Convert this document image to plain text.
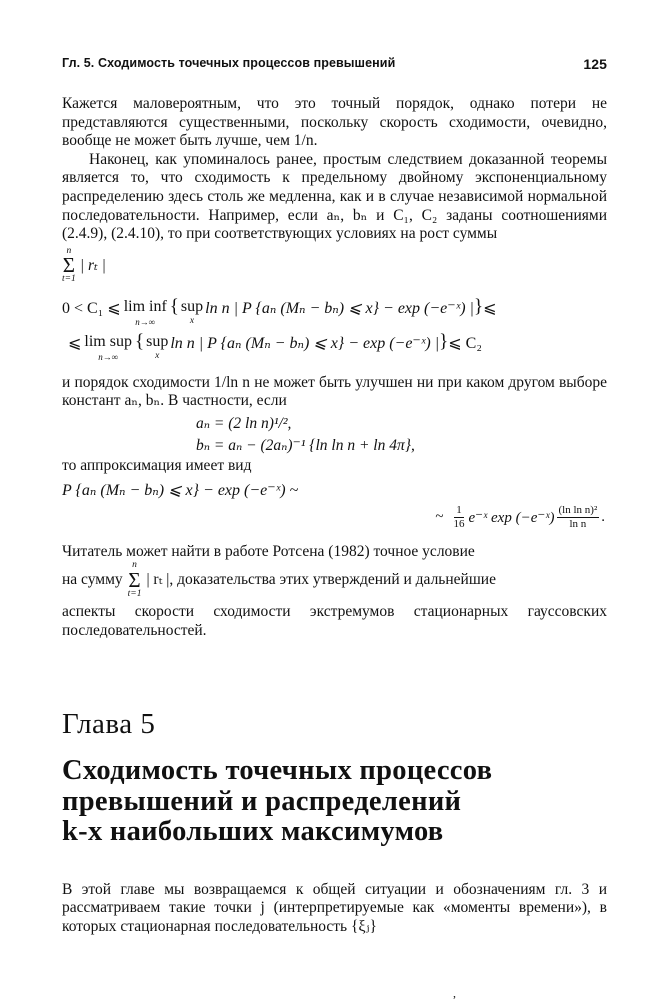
Гл. 5. Сходимость точечных процессов превышений	125
Кажется маловероятным, что это точный порядок, однако потери не представляются существенными, поскольку скорость сходимости, очевидно, вообще не может быть лучше, чем 1/n.
Наконец, как упоминалось ранее, простым следствием доказанной теоремы является то, что сходимость к предельному двойному экспоненциальному распределению здесь столь же медленна, как и в случае независимой нормальной последовательности. Например, если aₙ, bₙ и C₁, C₂ заданы соотношениями (2.4.9), (2.4.10), то при соответствующих условиях на рост суммы
n
Σ
t=1
| rₜ |
0 < C₁ ⩽ lim inf
n→∞
{ sup
x
ln n | P {aₙ (Mₙ − bₙ) ⩽ x} − exp (−e⁻ˣ) | } ⩽
⩽ lim sup
n→∞
{ sup
x
ln n | P {aₙ (Mₙ − bₙ) ⩽ x} − exp (−e⁻ˣ) | } ⩽ C₂
и порядок сходимости 1/ln n не может быть улучшен ни при каком другом выборе констант aₙ, bₙ. В частности, если
aₙ = (2 ln n)¹/²,
bₙ = aₙ − (2aₙ)⁻¹ {ln ln n + ln 4π},
то аппроксимация имеет вид
P {aₙ (Mₙ − bₙ) ⩽ x} − exp (−e⁻ˣ) ~
~ $\frac{1}{16}$ e⁻ˣ exp (−e⁻ˣ) $\frac{\text{(ln ln n)²}}{\text{ln n}}$ .
Читатель может найти в работе Ротсена (1982) точное условие
на сумму
n
Σ
t=1
| rₜ |, доказательства этих утверждений и дальнейшие
аспекты скорости сходимости экстремумов стационарных гауссовских последовательностей.
Глава 5
Сходимость точечных процессов
превышений и распределений
k-х наибольших максимумов
В этой главе мы возвращаемся к общей ситуации и обозначениям гл. 3 и рассматриваем такие точки j (интерпретируемые как «моменты времени»), в которых стационарная последовательность {ξⱼ}
,
